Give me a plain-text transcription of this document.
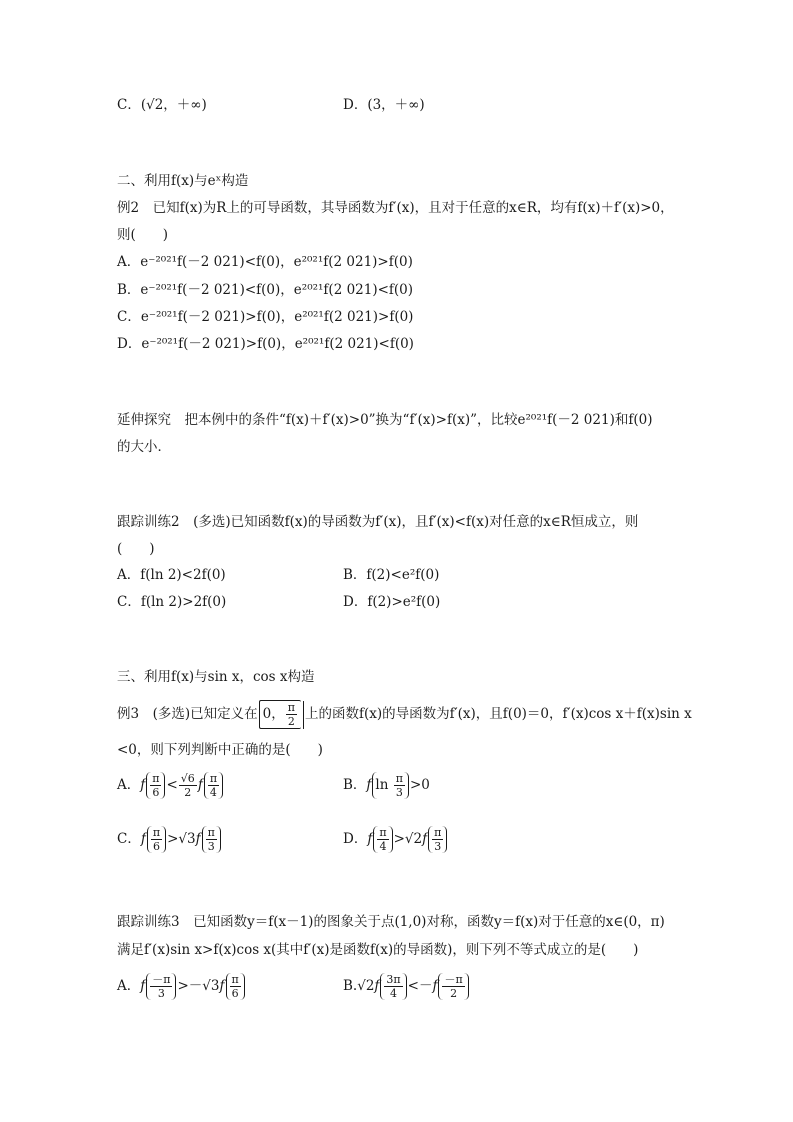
C．(√2，＋∞)	D．(3，＋∞)
二、利用f(x)与eˣ构造
例2　已知f(x)为R上的可导函数，其导函数为f′(x)，且对于任意的x∈R，均有f(x)＋f′(x)>0，
则(　　)
A．e⁻²⁰²¹f(－2 021)<f(0)，e²⁰²¹f(2 021)>f(0)
B．e⁻²⁰²¹f(－2 021)<f(0)，e²⁰²¹f(2 021)<f(0)
C．e⁻²⁰²¹f(－2 021)>f(0)，e²⁰²¹f(2 021)>f(0)
D．e⁻²⁰²¹f(－2 021)>f(0)，e²⁰²¹f(2 021)<f(0)
延伸探究　把本例中的条件“f(x)＋f′(x)>0”换为“f′(x)>f(x)”，比较e²⁰²¹f(－2 021)和f(0)
的大小．
跟踪训练2　(多选)已知函数f(x)的导函数为f′(x)，且f′(x)<f(x)对任意的x∈R恒成立，则
(　　)
A．f(ln 2)<2f(0)	B．f(2)<e²f(0)
C．f(ln 2)>2f(0)	D．f(2)>e²f(0)
三、利用f(x)与sin x，cos x构造
例3　(多选)已知定义在 0， $\frac{\pi}{2}$ 上的函数f(x)的导函数为f′(x)，且f(0)＝0，f′(x)cos x＋f(x)sin x
<0，则下列判断中正确的是(　　)
A．f $\frac{\pi}{6} < \frac{√6}{2}$ f $\frac{\pi}{4}$	B．f $\ln \frac{\pi}{3} >0$
C．f $\frac{\pi}{6} >√3f \frac{\pi}{3}$	D．f $\frac{\pi}{4} >√2f \frac{\pi}{3}$
跟踪训练3　已知函数y＝f(x－1)的图象关于点(1,0)对称，函数y＝f(x)对于任意的x∈(0，π)
满足f′(x)sin x>f(x)cos x(其中f′(x)是函数f(x)的导函数)，则下列不等式成立的是(　　)
A．f $\frac{-\pi}{3} >-√3f \frac{\pi}{6}$	$B.√2f \frac{3\pi}{4} <-f \frac{-\pi}{2}$
